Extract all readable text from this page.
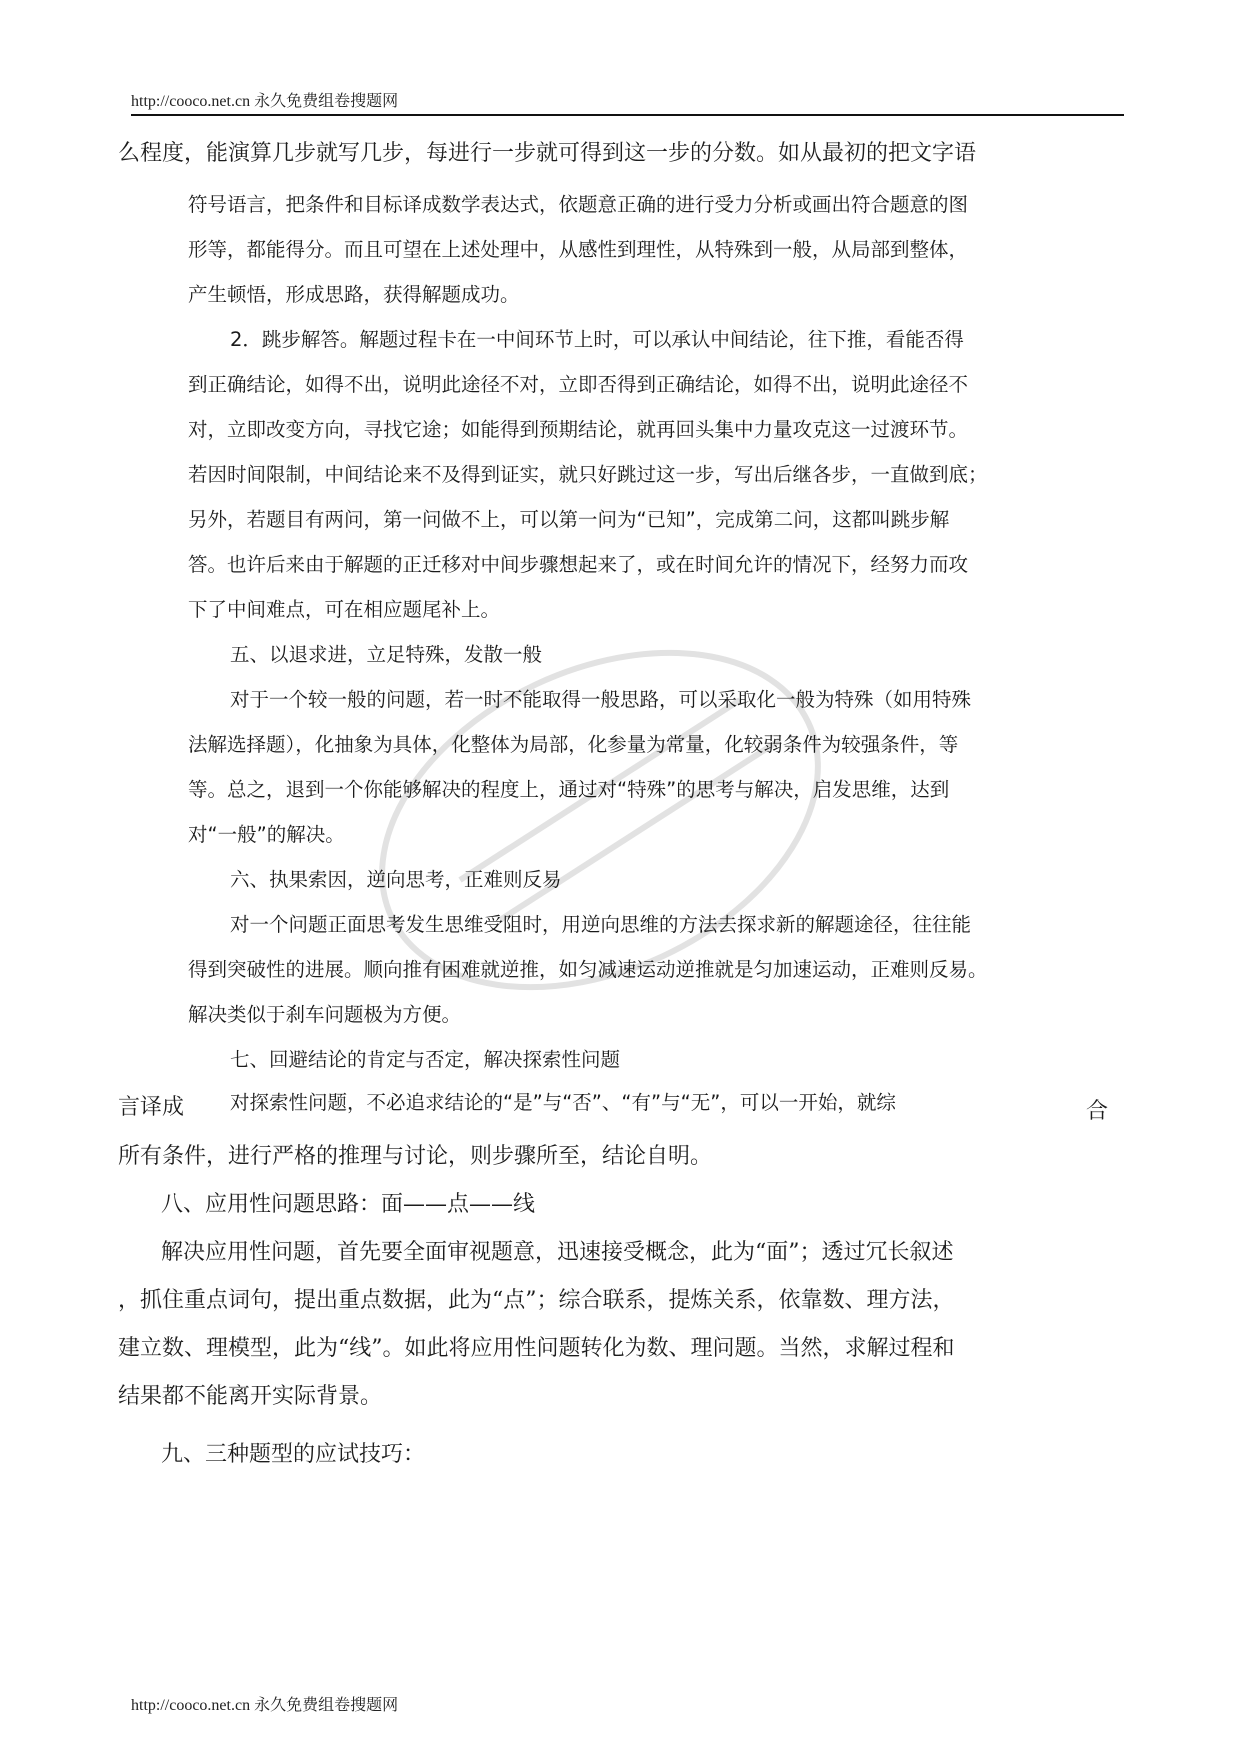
http://cooco.net.cn 永久免费组卷搜题网
么程度，能演算几步就写几步，每进行一步就可得到这一步的分数。如从最初的把文字语
符号语言，把条件和目标译成数学表达式，依题意正确的进行受力分析或画出符合题意的图
形等，都能得分。而且可望在上述处理中，从感性到理性，从特殊到一般，从局部到整体，
产生顿悟，形成思路，获得解题成功。
2．跳步解答。解题过程卡在一中间环节上时，可以承认中间结论，往下推，看能否得
到正确结论，如得不出，说明此途径不对，立即否得到正确结论，如得不出，说明此途径不
对，立即改变方向，寻找它途；如能得到预期结论，就再回头集中力量攻克这一过渡环节。
若因时间限制，中间结论来不及得到证实，就只好跳过这一步，写出后继各步，一直做到底；
另外，若题目有两问，第一问做不上，可以第一问为“已知”，完成第二问，这都叫跳步解
答。也许后来由于解题的正迁移对中间步骤想起来了，或在时间允许的情况下，经努力而攻
下了中间难点，可在相应题尾补上。
五、以退求进，立足特殊，发散一般
对于一个较一般的问题，若一时不能取得一般思路，可以采取化一般为特殊（如用特殊
法解选择题），化抽象为具体，化整体为局部，化参量为常量，化较弱条件为较强条件，等
等。总之，退到一个你能够解决的程度上，通过对“特殊”的思考与解决，启发思维，达到
对“一般”的解决。
六、执果索因，逆向思考，正难则反易
对一个问题正面思考发生思维受阻时，用逆向思维的方法去探求新的解题途径，往往能
得到突破性的进展。顺向推有困难就逆推，如匀减速运动逆推就是匀加速运动，正难则反易。
解决类似于刹车问题极为方便。
七、回避结论的肯定与否定，解决探索性问题
言译成 对探索性问题，不必追求结论的“是”与“否”、“有”与“无”，可以一开始，就综	合
所有条件，进行严格的推理与讨论，则步骤所至，结论自明。
八、应用性问题思路：面——点——线
解决应用性问题，首先要全面审视题意，迅速接受概念，此为“面”；透过冗长叙述
，抓住重点词句，提出重点数据，此为“点”；综合联系，提炼关系，依靠数、理方法，
建立数、理模型，此为“线”。如此将应用性问题转化为数、理问题。当然，求解过程和
结果都不能离开实际背景。
九、三种题型的应试技巧：
http://cooco.net.cn 永久免费组卷搜题网
